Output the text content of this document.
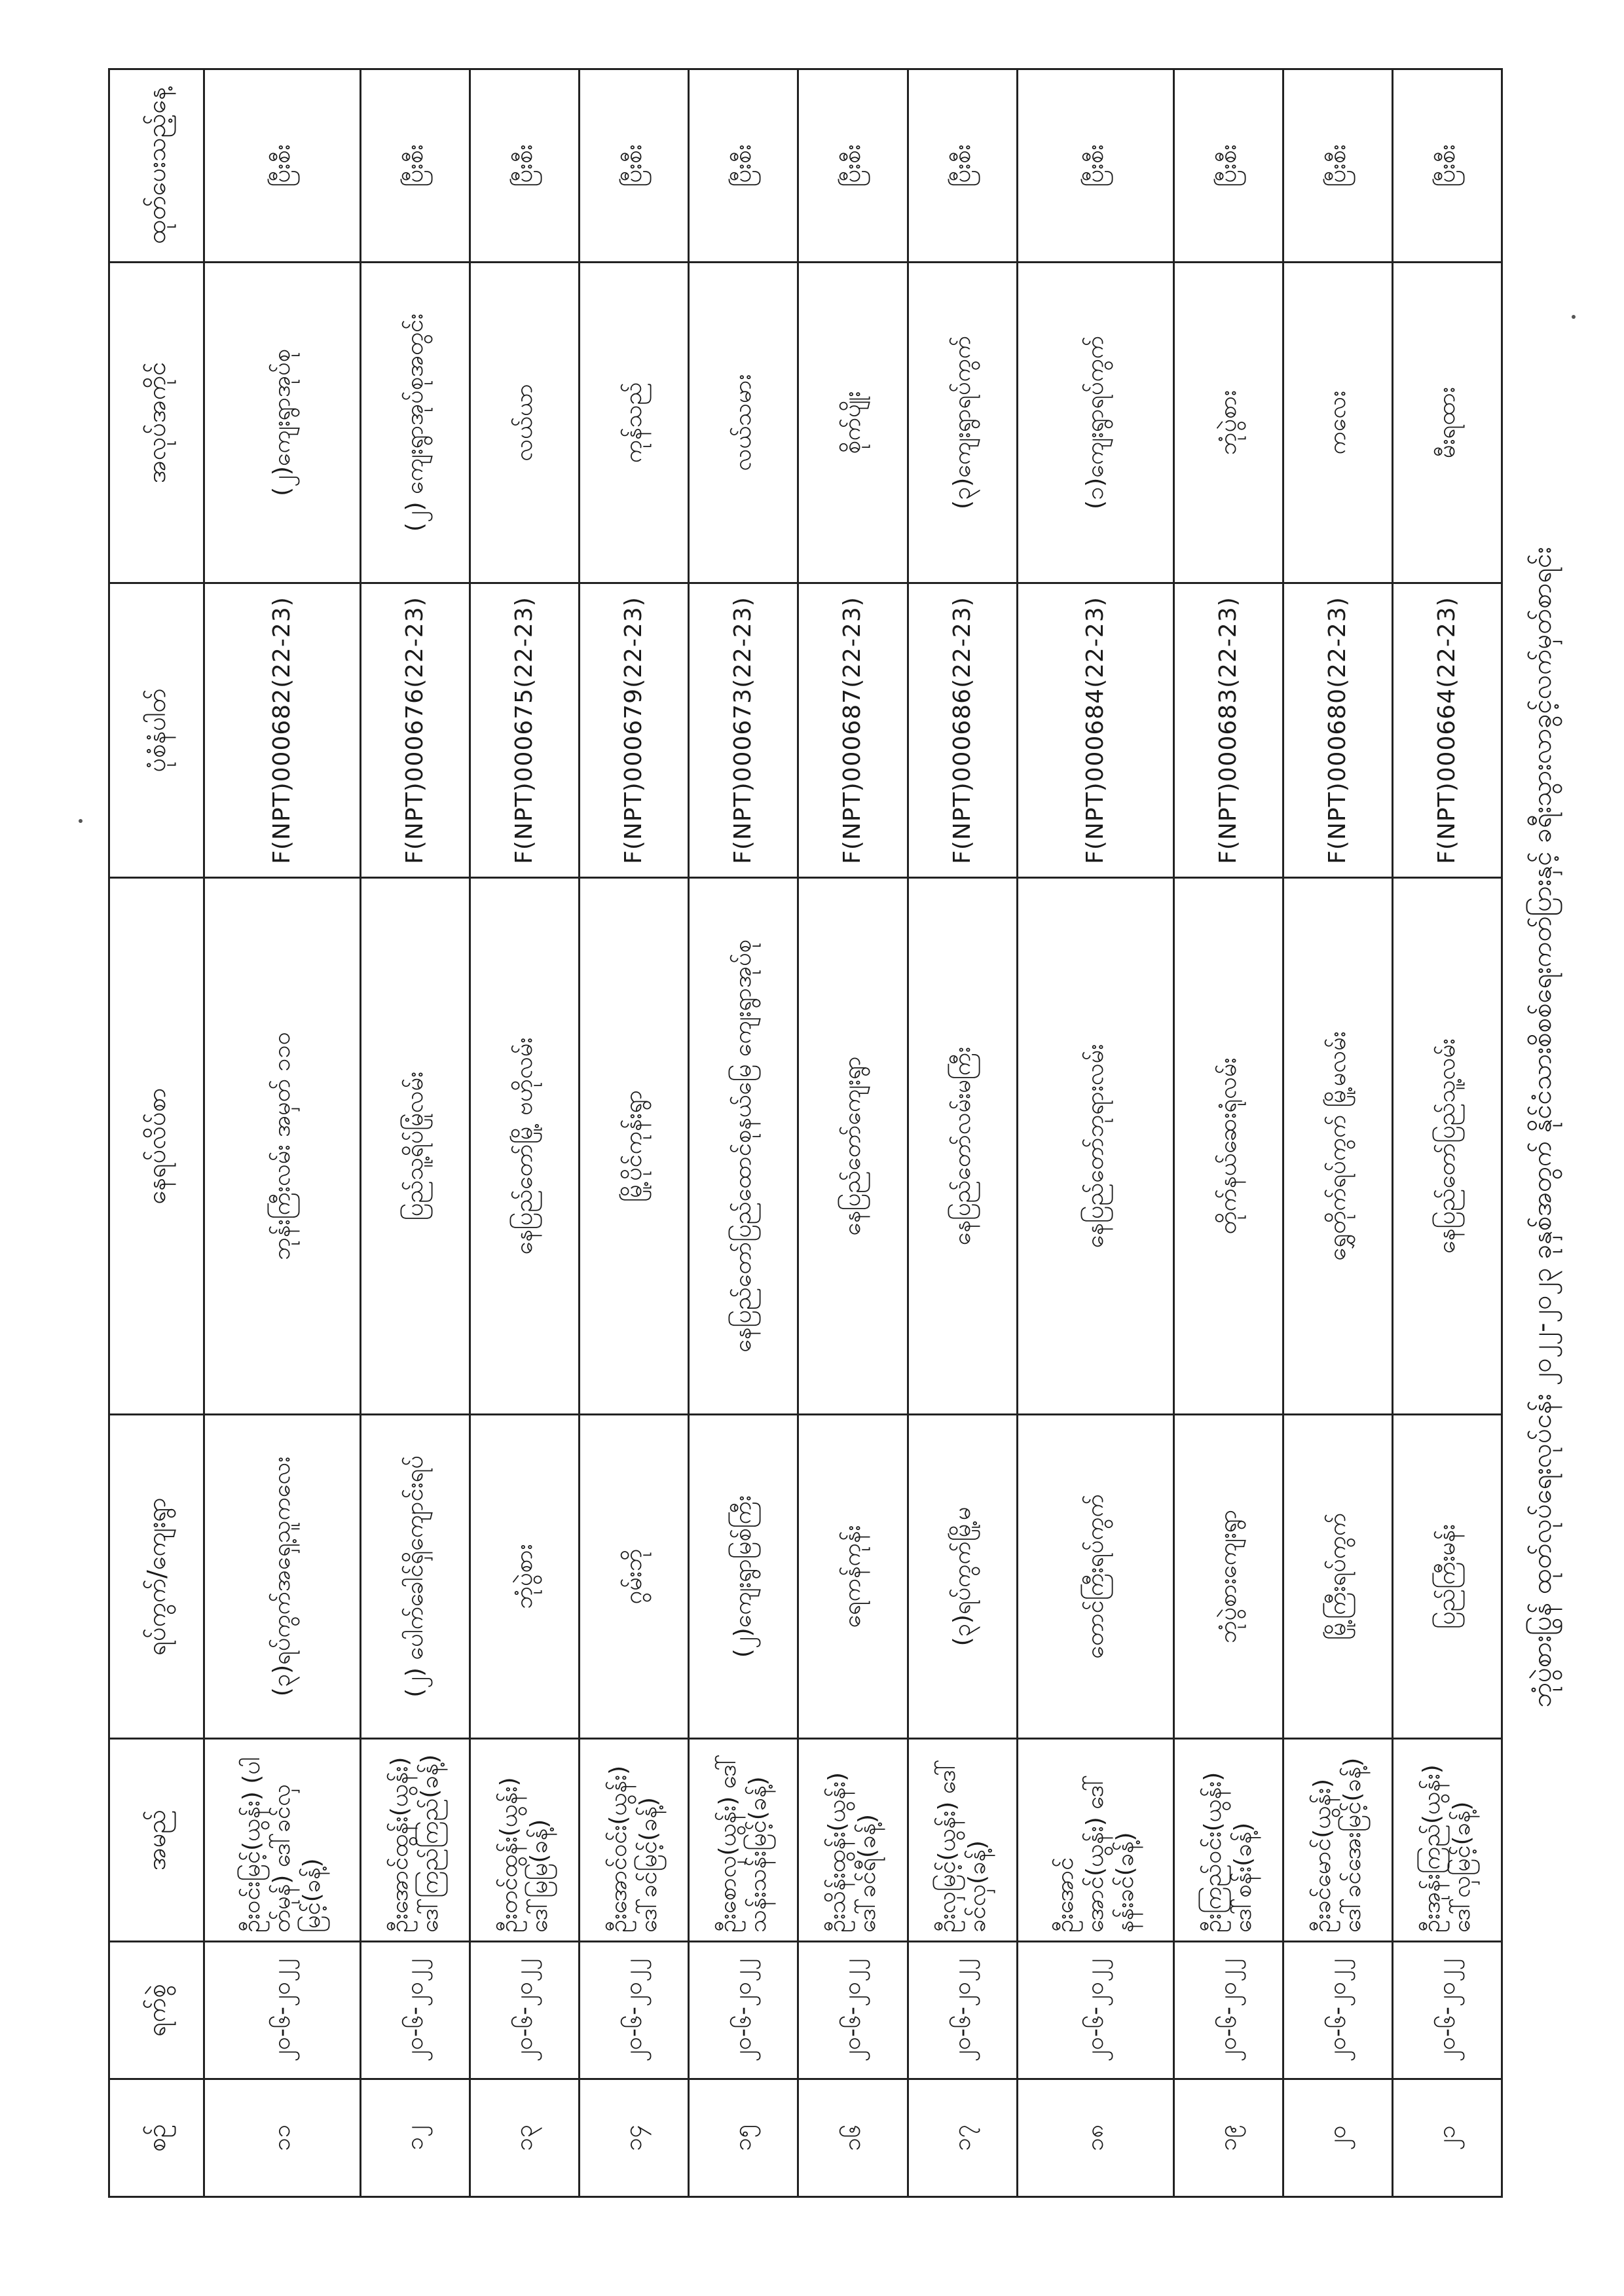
ဘုံပွဲစားပြွန် ထုတ်လုပ်ရေးလုပ်ငန်း ၂၀၂၂-၂၀၂၃ ခုနှစ်အတွက် နိုင်ငံသားစိစစ်ရေးကတ်ပြားနှင့် ခရီးသွားလာခွင့်လက်မှတ်စာရင်း
စဉ်	ရက်စွဲ	အမည်	ရပ်ကွက်/ကျေးရွာ	နေရပ်လိပ်စာ	ပုံစံနံပါတ်	အလုပ်အကိုင်	ထုတ်ပေးသည့်နေ့
၁၁	၂၀-၆-၂၀၂၂	ဦးဝင်းမြင့်(ယွန်း) (ပါတ်မုန်) ဒေါ်ခင်လှမြင့်(ခန့်)	(၃)ရပ်ကွက်အရှေ့သူကလေး	ဘုန်းကြီးလမ်း အမှတ် ၁၁၀	F(NPT)000682(22-23)	(၂)ကျေးရွာအုပ်စု	ပြီးစီး
၁၂	၂၀-၆-၂၀၂၂	ဦးအောင်ထွန်း(ယွန်း) ဒေါ်ကြည်ကြည်(ခန့်)	(၂) ပေါက်ခေါင်ရှိကျောင်းရပ်	ပြည်သူ့ရိပ်မြုံလမ်း	F(NPT)000676(22-23)	(၂) ကျေးရွာအုပ်စုအတွင်း	ပြီးစီး
၁၃	၂၀-၆-၂၀၂၂	ဦးတင်ထွန်း(ယွန်း) ဒေါ်မြမြ(ခန့်)	ဘုံပွဲစား	နေပြည်တော်မြို့ ဗဟိုလမ်း	F(NPT)000675(22-23)	လယ်ယာ	ပြီးစီး
၁၄	၂၀-၆-၂၀၂၂	ဦးအောင်ဝင်း(ယွန်း) ဒေါ်ခင်မြင့်(ခန့်)	ဂွမ်းဘို	မြို့ပိုင်ကုန်းရွာ	F(NPT)000679(22-23)	ကုန်သည်	ပြီးစီး
၁၅	၂၀-၆-၂၀၂၂	ဦးစောလှ(ယွန်း) ဒေါ်သန်းသန်းမြင့်(ခန့်)	(၂)ကျေးရွာမြစ်ကြီး	နေပြည်တော်ပြည်ထောင်စုနယ်မြေ ကျေးရွာအုပ်စု	F(NPT)000673(22-23)	လယ်သမား	ပြီးစီး
၁၆	၂၀-၆-၂၀၂၂	ဦးသိန်းထွန်း(ယွန်း) ဒေါ်ခင်ရီ(ခန့်)	ရေကန်ကုန်း	နေပြည်တော်ကျေးရွာ	F(NPT)000687(22-23)	စိုက်ပျိုး	ပြီးစီး
၁၇	၂၀-၆-၂၀၂၂	ဦးလှမြင့်(ယွန်း) ဒေါ်ခင်လှ(ခန့်)	(၃)ရပ်ကွက်မြို့မ	နေပြည်တော်လမ်းမကြီး	F(NPT)000686(22-23)	(၃)ကျေးရွာရပ်ကွက်	ပြီးစီး
၁၈	၂၀-၆-၂၀၂၂	ဦးအောင်အောင်(ယွန်း) ဒေါ်နန်းခင်(ခန့်)	တောင်ကြီးရပ်ကွက်	နေပြည်တော်ဘုရားလမ်း	F(NPT)000684(22-23)	(၁)ကျေးရွာရပ်ကွက်	ပြီးစီး
၁၉	၂၀-၆-၂၀၂၂	ဦးကြည်ဝင်း(ယွန်း) ဒေါ်စန်း(ခန့်)	ဘုံပွဲစားကျေးရွာ	တိုက်နယ်ဆေးရုံလမ်း	F(NPT)000683(22-23)	ဘုံပွဲစား	ပြီးစီး
၂၀	၂၀-၆-၂၀၂၂	ဦးခင်မောင်(ယွန်း) ဒေါ်ခင်အေးမြင့်(ခန့်)	မြို့ကြီးရပ်ကွက်	ရွှေတိုက်ရပ်ကွက် မြို့မလမ်း	F(NPT)000680(22-23)	ကလေး	ပြီးစီး
၂၁	၂၀-၆-၂၀၂၂	ဦးအုန်းကြည်(ယွန်း) ဒေါ်လှမြင့်(ခန့်)	ပြည်ကြီးမန်း	နေပြည်တော်ပြည်သူ့လမ်း	F(NPT)000664(22-23)	မီးရထား	ပြီးစီး
